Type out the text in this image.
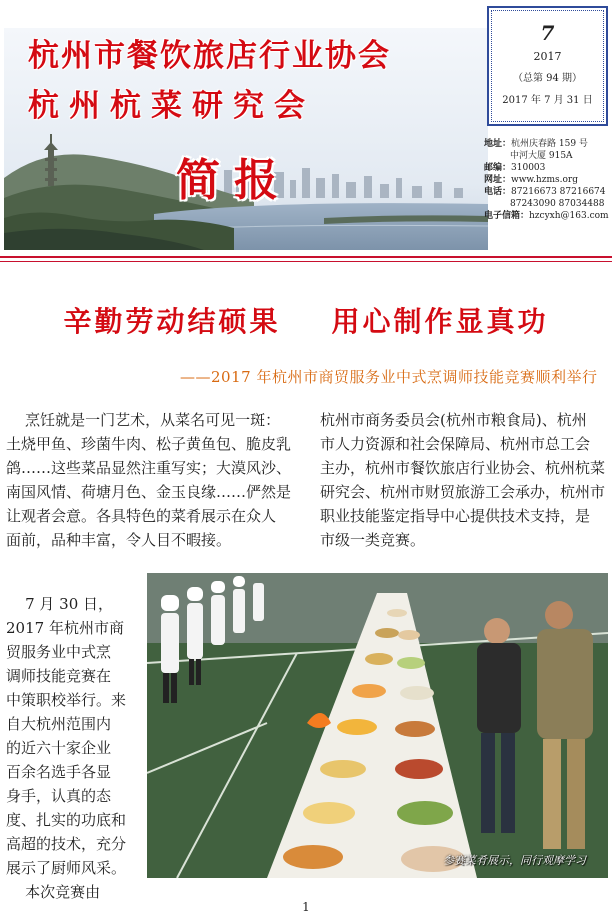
杭州市餐饮旅店行业协会
杭州杭菜研究会
简报
7
2017
（总第 94 期）
2017 年 7 月 31 日
地址：杭州庆春路 159 号
中河大厦 915A
邮编：310003
网址：www.hzms.org
电话：87216673 87216674
87243090 87034488
电子信箱：hzcyxh@163.com
辛勤劳动结硕果    用心制作显真功
——2017 年杭州市商贸服务业中式烹调师技能竞赛顺利举行
烹饪就是一门艺术，从菜名可见一斑：
土烧甲鱼、珍菌牛肉、松子黄鱼包、脆皮乳
鸽……这些菜品显然注重写实；大漠风沙、
南国风情、荷塘月色、金玉良缘……俨然是
让观者会意。各具特色的菜肴展示在众人
面前，品种丰富，令人目不暇接。
杭州市商务委员会(杭州市粮食局)、杭州
市人力资源和社会保障局、杭州市总工会
主办，杭州市餐饮旅店行业协会、杭州杭菜
研究会、杭州市财贸旅游工会承办，杭州市
职业技能鉴定指导中心提供技术支持，是
市级一类竞赛。
7 月 30 日，
2017 年杭州市商
贸服务业中式烹
调师技能竞赛在
中策职校举行。来
自大杭州范围内
的近六十家企业
百余名选手各显
身手，认真的态
度、扎实的功底和
高超的技术，充分
展示了厨师风采。
本次竞赛由
参赛菜肴展示，同行观摩学习
1
